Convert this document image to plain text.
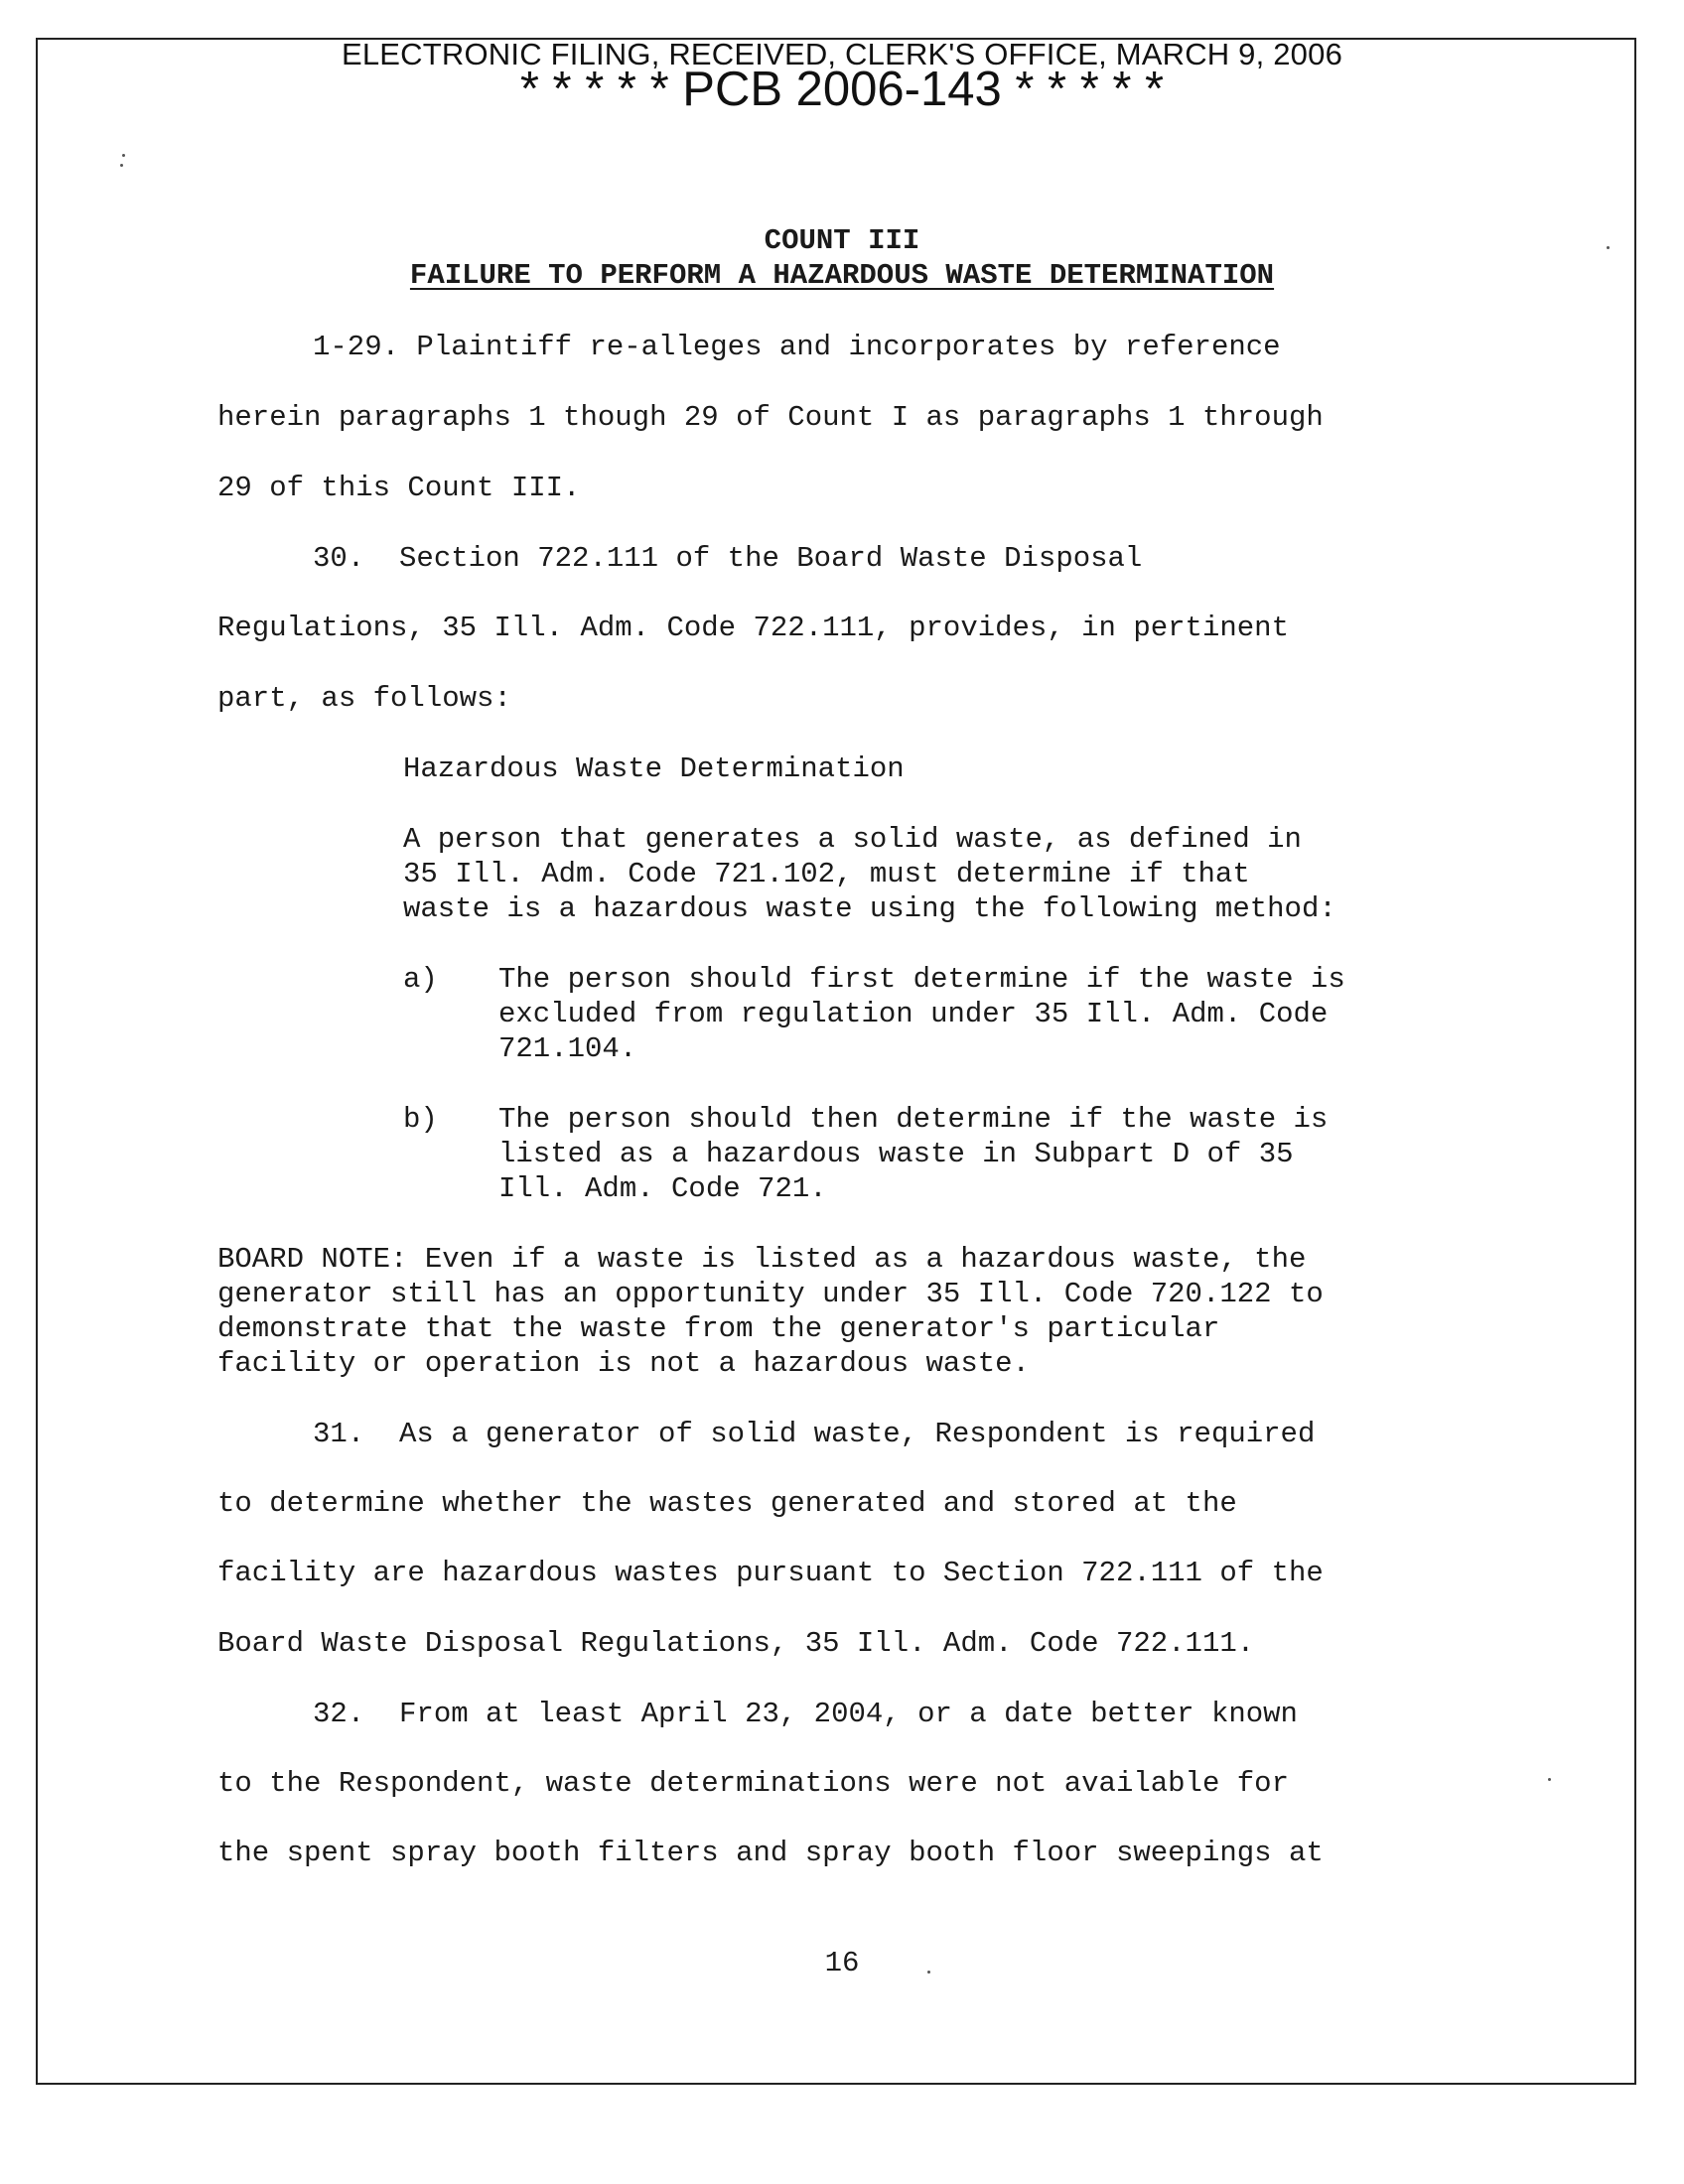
ELECTRONIC FILING, RECEIVED, CLERK'S OFFICE, MARCH 9, 2006
* * * * * PCB 2006-143 * * * * *
COUNT III
FAILURE TO PERFORM A HAZARDOUS WASTE DETERMINATION
1-29. Plaintiff re-alleges and incorporates by reference
herein paragraphs 1 though 29 of Count I as paragraphs 1 through
29 of this Count III.
30.  Section 722.111 of the Board Waste Disposal
Regulations, 35 Ill. Adm. Code 722.111, provides, in pertinent
part, as follows:
Hazardous Waste Determination
A person that generates a solid waste, as defined in
35 Ill. Adm. Code 721.102, must determine if that
waste is a hazardous waste using the following method:
a) The person should first determine if the waste is
excluded from regulation under 35 Ill. Adm. Code
721.104.
b) The person should then determine if the waste is
listed as a hazardous waste in Subpart D of 35
Ill. Adm. Code 721.
BOARD NOTE: Even if a waste is listed as a hazardous waste, the
generator still has an opportunity under 35 Ill. Code 720.122 to
demonstrate that the waste from the generator's particular
facility or operation is not a hazardous waste.
31.  As a generator of solid waste, Respondent is required
to determine whether the wastes generated and stored at the
facility are hazardous wastes pursuant to Section 722.111 of the
Board Waste Disposal Regulations, 35 Ill. Adm. Code 722.111.
32.  From at least April 23, 2004, or a date better known
to the Respondent, waste determinations were not available for
the spent spray booth filters and spray booth floor sweepings at
16
